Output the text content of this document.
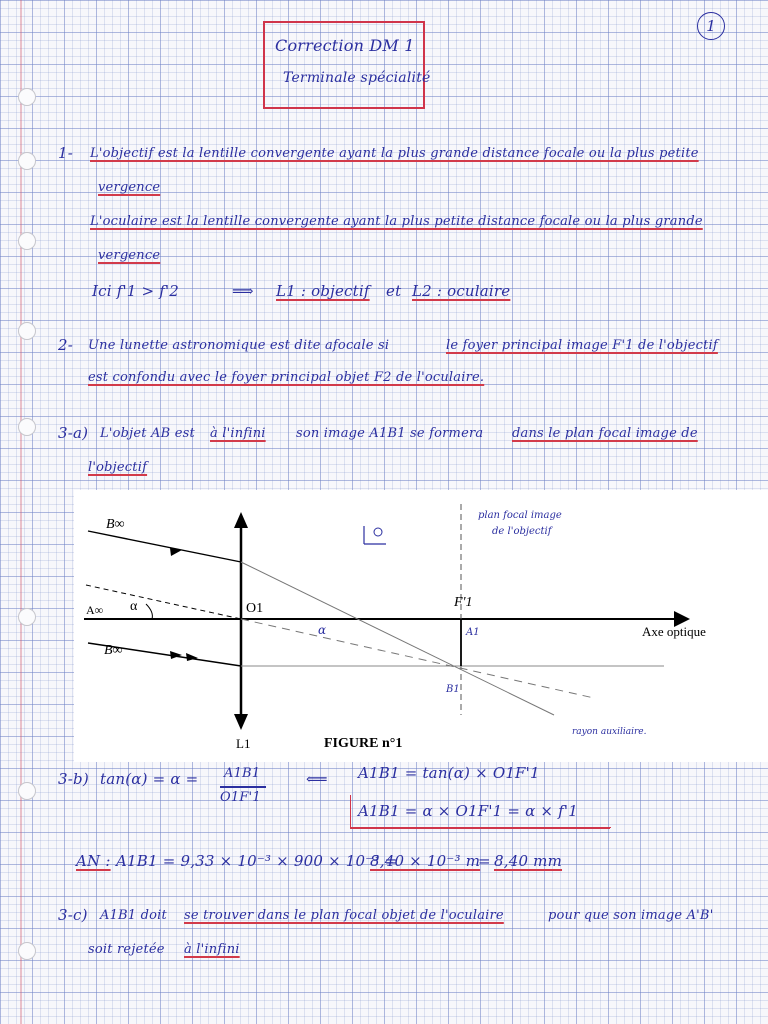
1
Correction DM 1
Terminale spécialité
1- L'objectif est la lentille convergente ayant la plus grande distance focale ou la plus petite
vergence
L'oculaire est la lentille convergente ayant la plus petite distance focale ou la plus grande
vergence
Ici f'1 > f'2	⟹ L1 : objectif et L2 : oculaire
2- Une lunette astronomique est dite afocale si	le foyer principal image F'1 de l'objectif
est confondu avec le foyer principal objet F2 de l'oculaire.
3-a) L'objet AB est à l'infini son image A1B1 se formera dans le plan focal image de
l'objectif
B∞
B∞
A∞ α	O1	F'1
Axe optique
L1	FIGURE n°1
α	A1
B1
plan focal image
de l'objectif
rayon auxiliaire.
3-b) tan(α) = α = A1B1
O1F'1
⟸ A1B1 = tan(α) × O1F'1
A1B1 = α × O1F'1 = α × f'1
AN : A1B1 = 9,33 × 10⁻³ × 900 × 10⁻³ =
8,40 × 10⁻³ m
= 8,40 mm
3-c) A1B1 doit se trouver dans le plan focal objet de l'oculaire	pour que son image A'B'
soit rejetée à l'infini
